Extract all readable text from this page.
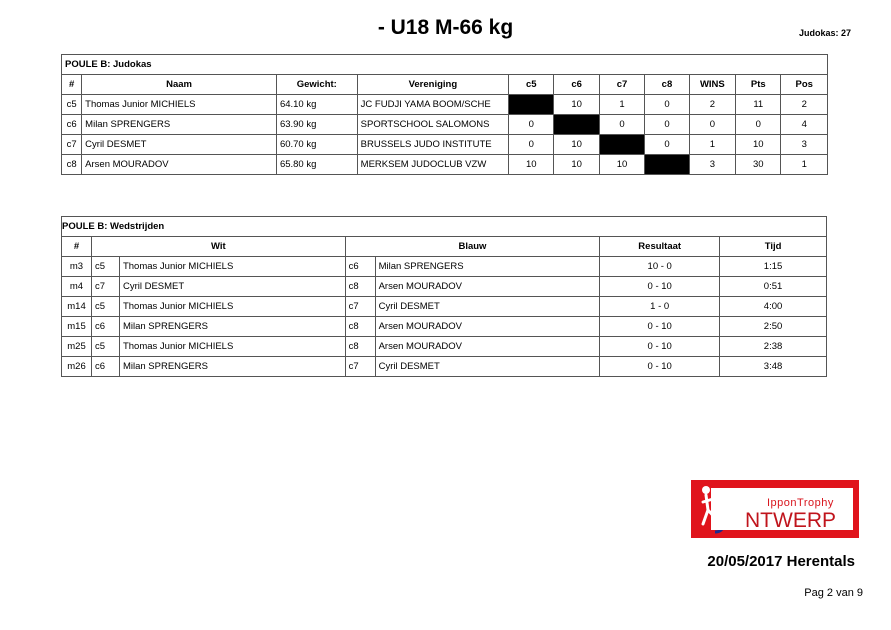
- U18 M-66 kg	Judokas: 27
POULE B: Judokas										
#	Naam	Gewicht:	Vereniging	c5	c6	c7	c8	WINS	Pts	Pos
c5	Thomas Junior MICHIELS	64.10 kg	JC FUDJI YAMA BOOM/SCHE		10	1	0	2	11	2
c6	Milan SPRENGERS	63.90 kg	SPORTSCHOOL SALOMONS	0		0	0	0	0	4
c7	Cyril DESMET	60.70 kg	BRUSSELS JUDO INSTITUTE	0	10		0	1	10	3
c8	Arsen MOURADOV	65.80 kg	MERKSEM JUDOCLUB VZW	10	10	10		3	30	1
POULE B: Wedstrijden						
#	Wit		Blauw		Resultaat	Tijd
m3	c5	Thomas Junior MICHIELS	c6	Milan SPRENGERS	10 - 0	1:15
m4	c7	Cyril DESMET	c8	Arsen MOURADOV	0 - 10	0:51
m14	c5	Thomas Junior MICHIELS	c7	Cyril DESMET	1 - 0	4:00
m15	c6	Milan SPRENGERS	c8	Arsen MOURADOV	0 - 10	2:50
m25	c5	Thomas Junior MICHIELS	c8	Arsen MOURADOV	0 - 10	2:38
m26	c6	Milan SPRENGERS	c7	Cyril DESMET	0 - 10	3:48
IpponTrophy
NTWERP
20/05/2017 Herentals
Pag 2 van 9
